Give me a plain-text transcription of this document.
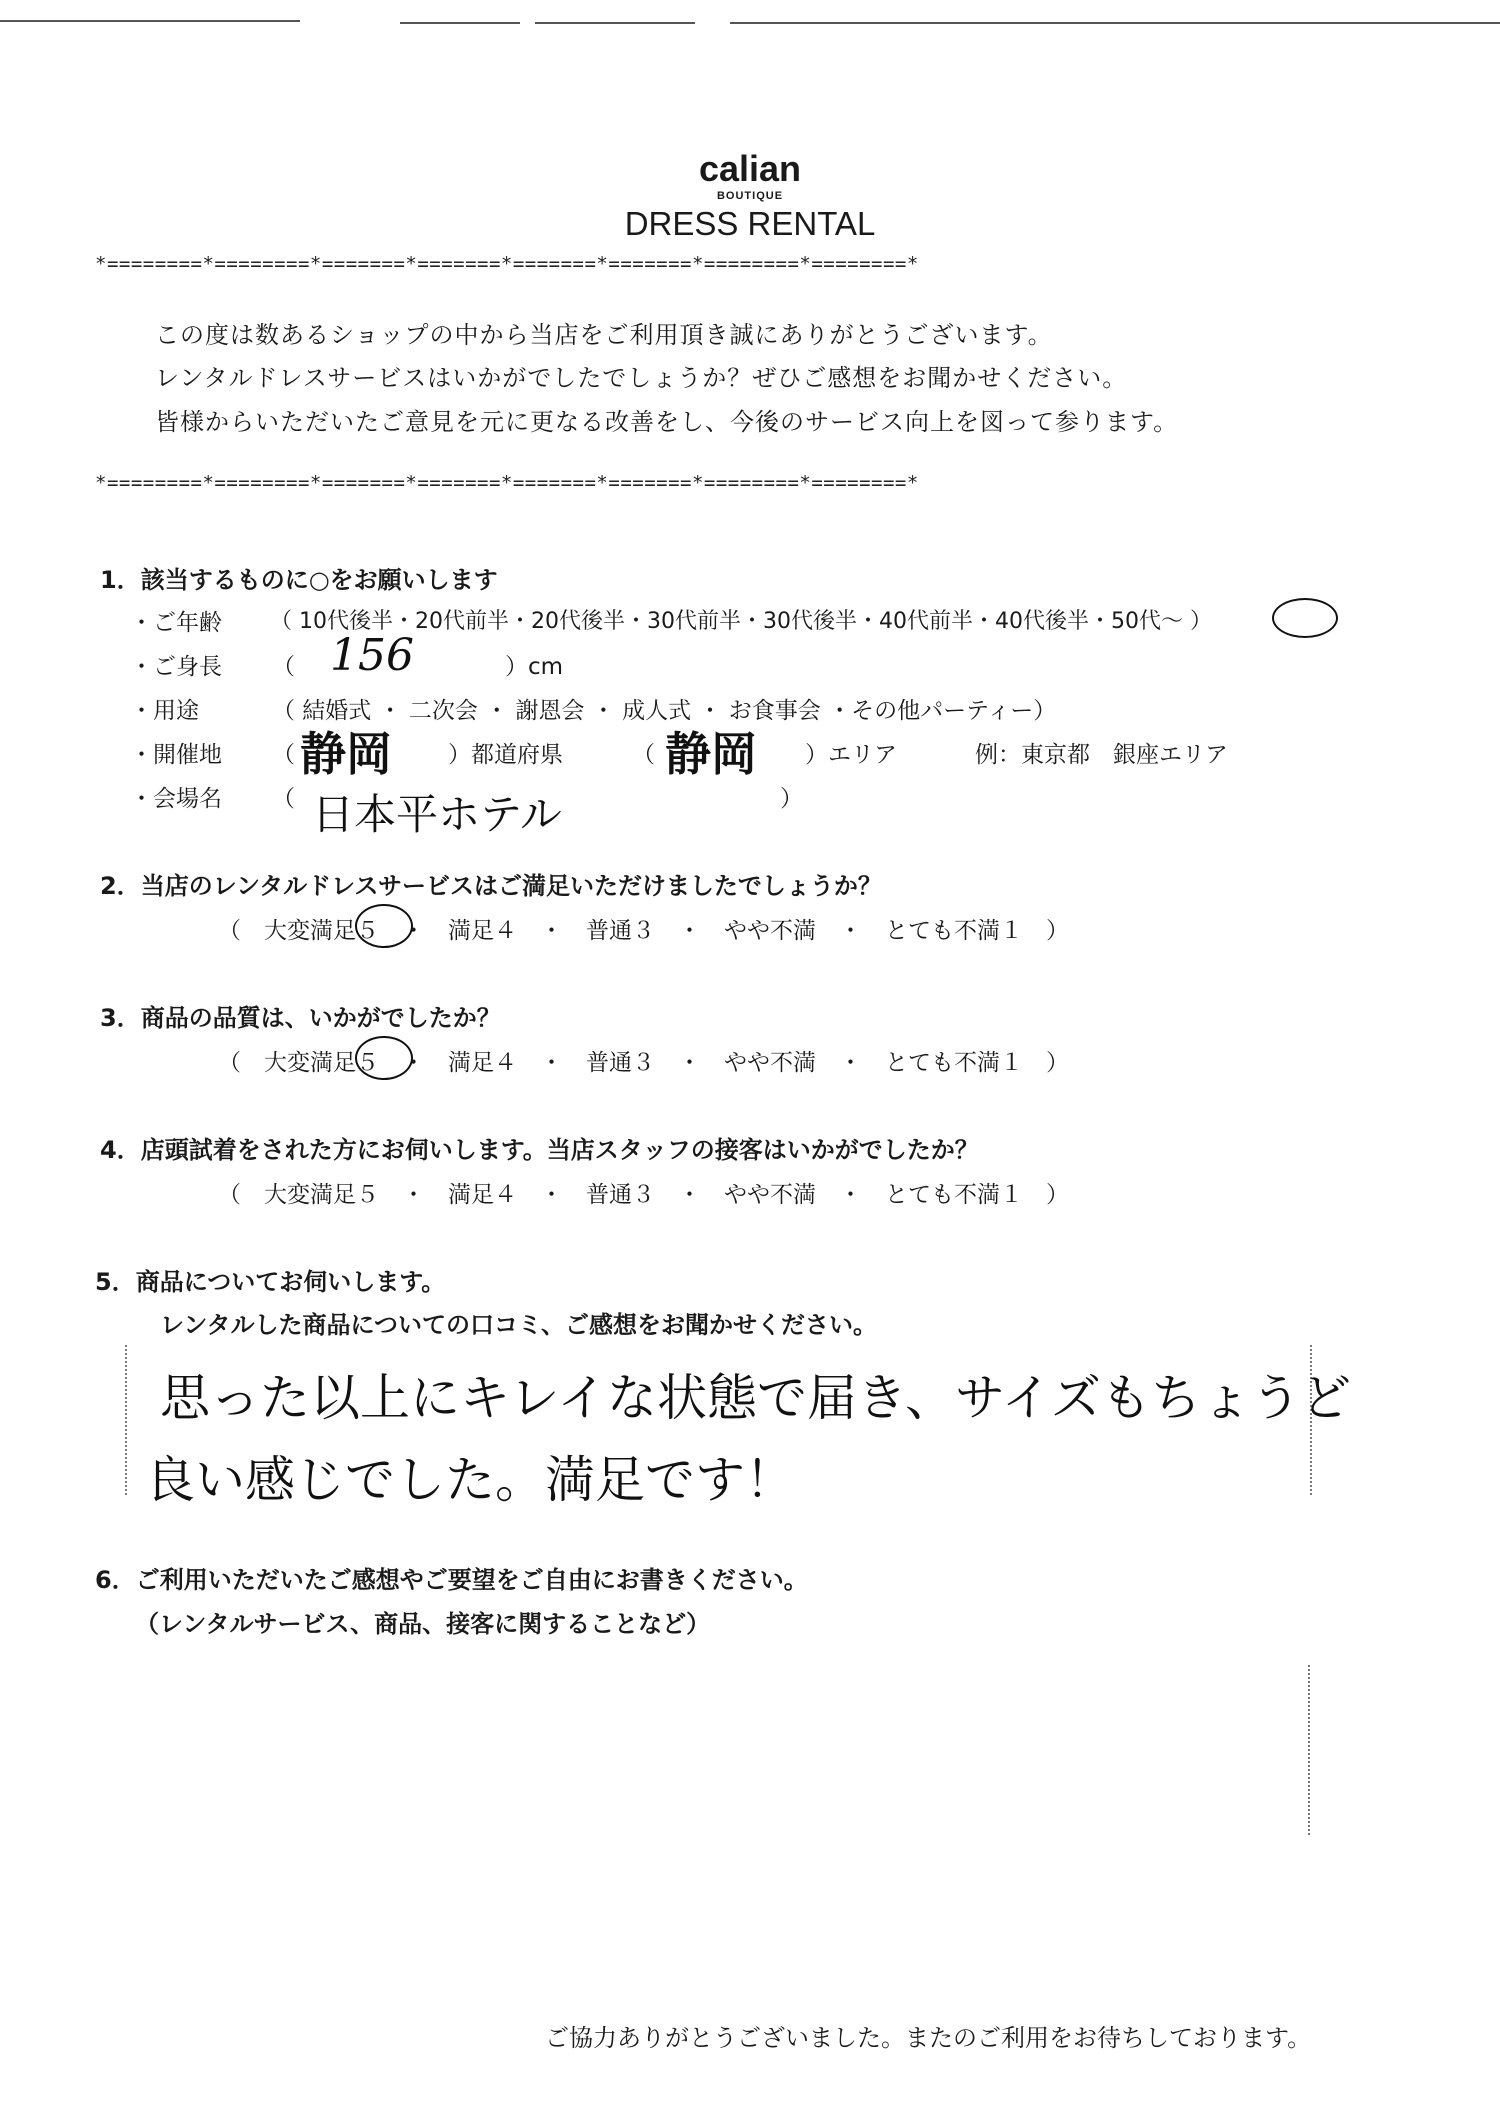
calian
BOUTIQUE
DRESS RENTAL
*========*========*=======*=======*=======*=======*========*========*
この度は数あるショップの中から当店をご利用頂き誠にありがとうございます。
レンタルドレスサービスはいかがでしたでしょうか？ぜひご感想をお聞かせください。
皆様からいただいたご意見を元に更なる改善をし、今後のサービス向上を図って参ります。
*========*========*=======*=======*=======*=======*========*========*
1．該当するものに○をお願いします
・ご年齢 （ 10代後半・20代前半・20代後半・30代前半・30代後半・40代前半・40代後半・50代〜 ）
・ご身長 （ 156	）cm
・用途	（ 結婚式 ・ 二次会 ・ 謝恩会 ・ 成人式 ・ お食事会 ・その他パーティー）
・開催地 （ 静岡 ）都道府県	（ 静岡 ）エリア	例：東京都　銀座エリア
・会場名 （ 日本平ホテル	）
2．当店のレンタルドレスサービスはご満足いただけましたでしょうか？
（　大変満足５　・　満足４　・　普通３　・　やや不満　・　とても不満１　）
3．商品の品質は、いかがでしたか？
（　大変満足５　・　満足４　・　普通３　・　やや不満　・　とても不満１　）
4．店頭試着をされた方にお伺いします。当店スタッフの接客はいかがでしたか？
（　大変満足５　・　満足４　・　普通３　・　やや不満　・　とても不満１　）
5．商品についてお伺いします。
レンタルした商品についての口コミ、ご感想をお聞かせください。
思った以上にキレイな状態で届き、サイズもちょうど
良い感じでした。満足です！
6．ご利用いただいたご感想やご要望をご自由にお書きください。
（レンタルサービス、商品、接客に関することなど）
ご協力ありがとうございました。またのご利用をお待ちしております。
